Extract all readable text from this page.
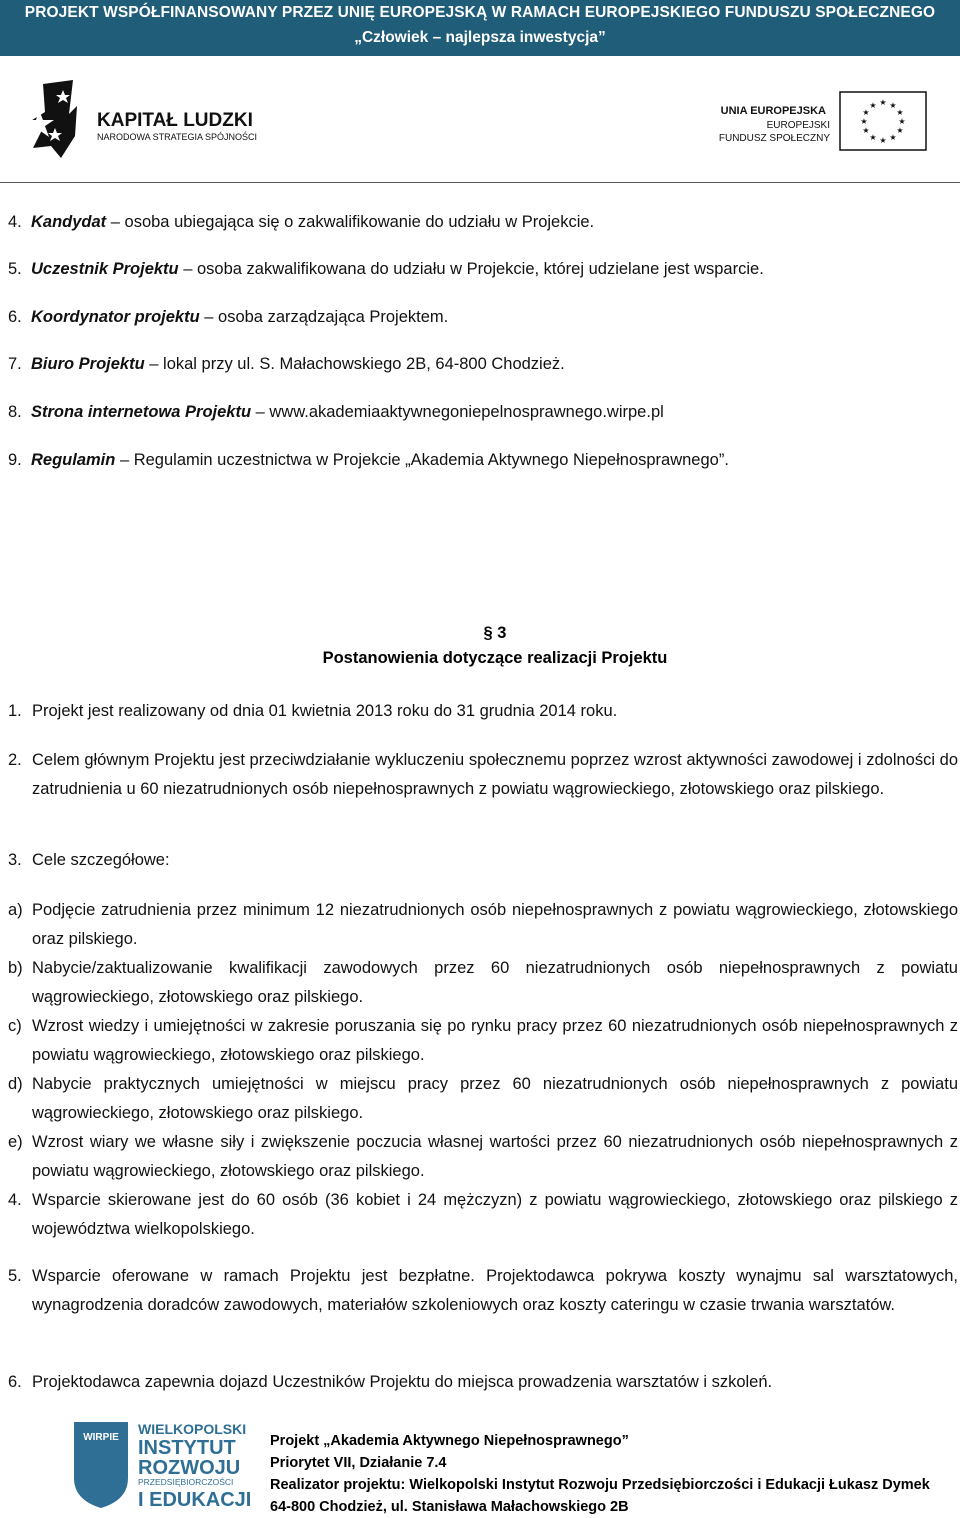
PROJEKT WSPÓŁFINANSOWANY PRZEZ UNIĘ EUROPEJSKĄ W RAMACH EUROPEJSKIEGO FUNDUSZU SPOŁECZNEGO
„Człowiek – najlepsza inwestycja”
KAPITAŁ LUDZKI
NARODOWA STRATEGIA SPÓJNOŚCI
UNIA EUROPEJSKA
EUROPEJSKI
FUNDUSZ SPOŁECZNY
★ ★
★
★
★
★
★
★
★
★
★
★
4. Kandydat – osoba ubiegająca się o zakwalifikowanie do udziału w Projekcie.
5. Uczestnik Projektu – osoba zakwalifikowana do udziału w Projekcie, której udzielane jest wsparcie.
6. Koordynator projektu – osoba zarządzająca Projektem.
7. Biuro Projektu – lokal przy ul. S. Małachowskiego 2B, 64-800 Chodzież.
8. Strona internetowa Projektu – www.akademiaaktywnegoniepelnosprawnego.wirpe.pl
9. Regulamin – Regulamin uczestnictwa w Projekcie „Akademia Aktywnego Niepełnosprawnego”.
§ 3
Postanowienia dotyczące realizacji Projektu
1. Projekt jest realizowany od dnia 01 kwietnia 2013 roku do 31 grudnia 2014 roku.
2. Celem głównym Projektu jest przeciwdziałanie wykluczeniu społecznemu poprzez wzrost aktywności zawodowej i zdolności do zatrudnienia u 60 niezatrudnionych osób niepełnosprawnych z powiatu wągrowieckiego, złotowskiego oraz pilskiego.
3. Cele szczegółowe:
a) Podjęcie zatrudnienia przez minimum 12 niezatrudnionych osób niepełnosprawnych z powiatu wągrowieckiego, złotowskiego oraz pilskiego.
b) Nabycie/zaktualizowanie kwalifikacji zawodowych przez 60 niezatrudnionych osób niepełnosprawnych z powiatu wągrowieckiego, złotowskiego oraz pilskiego.
c) Wzrost wiedzy i umiejętności w zakresie poruszania się po rynku pracy przez 60 niezatrudnionych osób niepełnosprawnych z powiatu wągrowieckiego, złotowskiego oraz pilskiego.
d) Nabycie praktycznych umiejętności w miejscu pracy przez 60 niezatrudnionych osób niepełnosprawnych z powiatu wągrowieckiego, złotowskiego oraz pilskiego.
e) Wzrost wiary we własne siły i zwiększenie poczucia własnej wartości przez 60 niezatrudnionych osób niepełnosprawnych z powiatu wągrowieckiego, złotowskiego oraz pilskiego.
4. Wsparcie skierowane jest do 60 osób (36 kobiet i 24 mężczyzn) z powiatu wągrowieckiego, złotowskiego oraz pilskiego z województwa wielkopolskiego.
5. Wsparcie oferowane w ramach Projektu jest bezpłatne. Projektodawca pokrywa koszty wynajmu sal warsztatowych, wynagrodzenia doradców zawodowych, materiałów szkoleniowych oraz koszty cateringu w czasie trwania warsztatów.
6. Projektodawca zapewnia dojazd Uczestników Projektu do miejsca prowadzenia warsztatów i szkoleń.
WIRPIE
WIELKOPOLSKI
INSTYTUT
ROZWOJU
PRZEDSIĘBIORCZOŚCI
I EDUKACJI
Projekt „Akademia Aktywnego Niepełnosprawnego”
Priorytet VII, Działanie 7.4
Realizator projektu: Wielkopolski Instytut Rozwoju Przedsiębiorczości i Edukacji Łukasz Dymek
64-800 Chodzież, ul. Stanisława Małachowskiego 2B
